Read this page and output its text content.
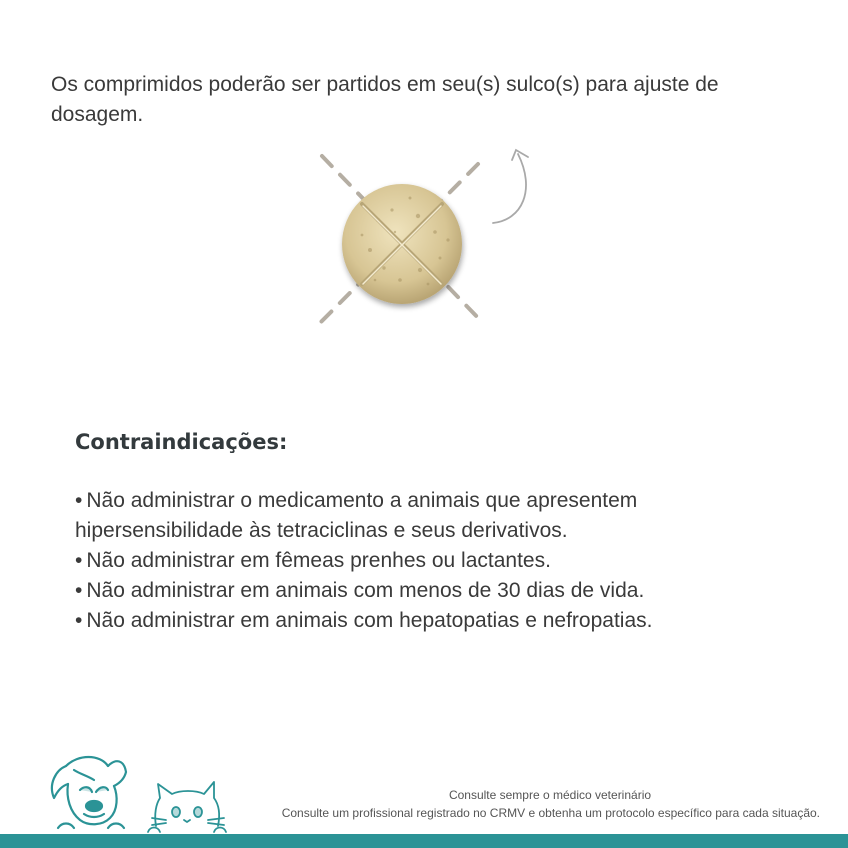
Os comprimidos poderão ser partidos em seu(s) sulco(s) para ajuste de dosagem.

Contraindicações:
• Não administrar o medicamento a animais que apresentem hipersensibilidade às tetraciclinas e seus derivativos.
• Não administrar em fêmeas prenhes ou lactantes.
• Não administrar em animais com menos de 30 dias de vida.
• Não administrar em animais com hepatopatias e nefropatias.
Consulte sempre o médico veterinário
Consulte um profissional registrado no CRMV e obtenha um protocolo específico para cada situação.
